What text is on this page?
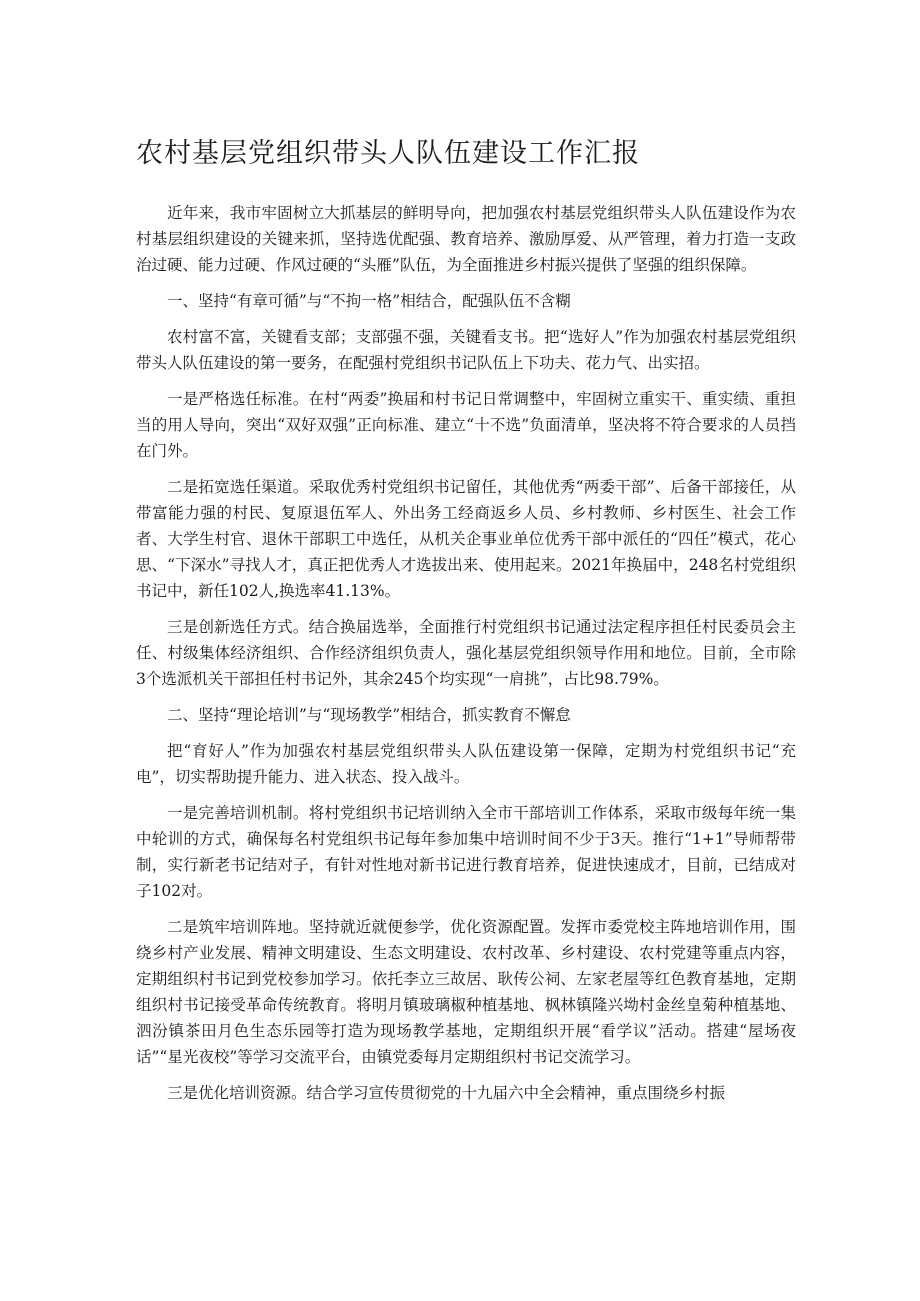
农村基层党组织带头人队伍建设工作汇报

近年来，我市牢固树立大抓基层的鲜明导向，把加强农村基层党组织带头人队伍建设作为农村基层组织建设的关键来抓，坚持选优配强、教育培养、激励厚爱、从严管理，着力打造一支政治过硬、能力过硬、作风过硬的“头雁”队伍，为全面推进乡村振兴提供了坚强的组织保障。

一、坚持“有章可循”与“不拘一格”相结合，配强队伍不含糊

农村富不富，关键看支部；支部强不强，关键看支书。把“选好人”作为加强农村基层党组织带头人队伍建设的第一要务，在配强村党组织书记队伍上下功夫、花力气、出实招。

一是严格选任标准。在村“两委”换届和村书记日常调整中，牢固树立重实干、重实绩、重担当的用人导向，突出“双好双强”正向标准、建立“十不选”负面清单，坚决将不符合要求的人员挡在门外。

二是拓宽选任渠道。采取优秀村党组织书记留任，其他优秀“两委干部”、后备干部接任，从带富能力强的村民、复原退伍军人、外出务工经商返乡人员、乡村教师、乡村医生、社会工作者、大学生村官、退休干部职工中选任，从机关企事业单位优秀干部中派任的“四任”模式，花心思、“下深水”寻找人才，真正把优秀人才选拔出来、使用起来。2021年换届中，248名村党组织书记中，新任102人,换选率41.13%。

三是创新选任方式。结合换届选举，全面推行村党组织书记通过法定程序担任村民委员会主任、村级集体经济组织、合作经济组织负责人，强化基层党组织领导作用和地位。目前，全市除3个选派机关干部担任村书记外，其余245个均实现“一肩挑”，占比98.79%。

二、坚持“理论培训”与“现场教学”相结合，抓实教育不懈怠

把“育好人”作为加强农村基层党组织带头人队伍建设第一保障，定期为村党组织书记“充电”，切实帮助提升能力、进入状态、投入战斗。

一是完善培训机制。将村党组织书记培训纳入全市干部培训工作体系，采取市级每年统一集中轮训的方式，确保每名村党组织书记每年参加集中培训时间不少于3天。推行“1+1”导师帮带制，实行新老书记结对子，有针对性地对新书记进行教育培养，促进快速成才，目前，已结成对子102对。

二是筑牢培训阵地。坚持就近就便参学，优化资源配置。发挥市委党校主阵地培训作用，围绕乡村产业发展、精神文明建设、生态文明建设、农村改革、乡村建设、农村党建等重点内容，定期组织村书记到党校参加学习。依托李立三故居、耿传公祠、左家老屋等红色教育基地，定期组织村书记接受革命传统教育。将明月镇玻璃椒种植基地、枫林镇隆兴坳村金丝皇菊种植基地、泗汾镇茶田月色生态乐园等打造为现场教学基地，定期组织开展“看学议”活动。搭建“屋场夜话”“星光夜校”等学习交流平台，由镇党委每月定期组织村书记交流学习。

三是优化培训资源。结合学习宣传贯彻党的十九届六中全会精神，重点围绕乡村振
